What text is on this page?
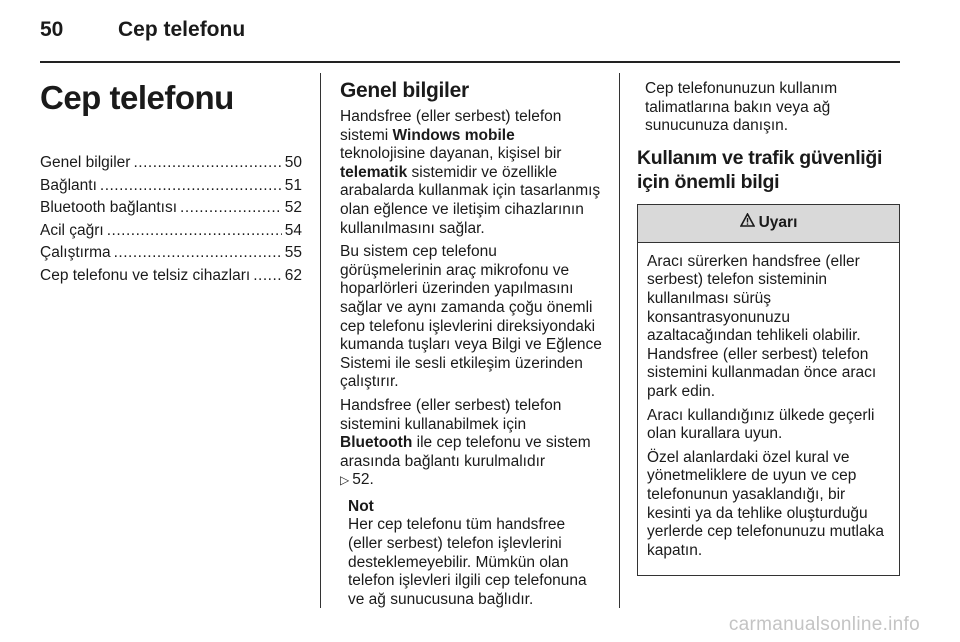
50	Cep telefonu
Cep telefonu
Genel bilgiler .....	50
Bağlantı .....	51
Bluetooth bağlantısı .....	52
Acil çağrı .....	54
Çalıştırma .....	55
Cep telefonu ve telsiz cihazları ..... 62
Genel bilgiler

Handsfree (eller serbest) telefon sistemi Windows mobile teknolojisine dayanan, kişisel bir telematik sistemidir ve özellikle arabalarda kullanmak için tasarlanmış olan eğlence ve iletişim cihazlarının kullanılmasını sağlar.

Bu sistem cep telefonu görüşmelerinin araç mikrofonu ve hoparlörleri üzerinden yapılmasını sağlar ve aynı zamanda çoğu önemli cep telefonu işlevlerini direksiyondaki kumanda tuşları veya Bilgi ve Eğlence Sistemi ile sesli etkileşim üzerinden çalıştırır.

Handsfree (eller serbest) telefon sistemini kullanabilmek için Bluetooth ile cep telefonu ve sistem arasında bağlantı kurulmalıdır
▷ 52.

Not
Her cep telefonu tüm handsfree (eller serbest) telefon işlevlerini desteklemeyebilir. Mümkün olan telefon işlevleri ilgili cep telefonuna ve ağ sunucusuna bağlıdır.

Cep telefonunuzun kullanım talimatlarına bakın veya ağ sunucunuza danışın.

Kullanım ve trafik güvenliği için önemli bilgi
Uyarı

Aracı sürerken handsfree (eller serbest) telefon sisteminin kullanılması sürüş konsantrasyonunuzu azaltacağından tehlikeli olabilir. Handsfree (eller serbest) telefon sistemini kullanmadan önce aracı park edin.

Aracı kullandığınız ülkede geçerli olan kurallara uyun.

Özel alanlardaki özel kural ve yönetmeliklere de uyun ve cep telefonunun yasaklandığı, bir kesinti ya da tehlike oluşturduğu yerlerde cep telefonunuzu mutlaka kapatın.

carmanualsonline.info
